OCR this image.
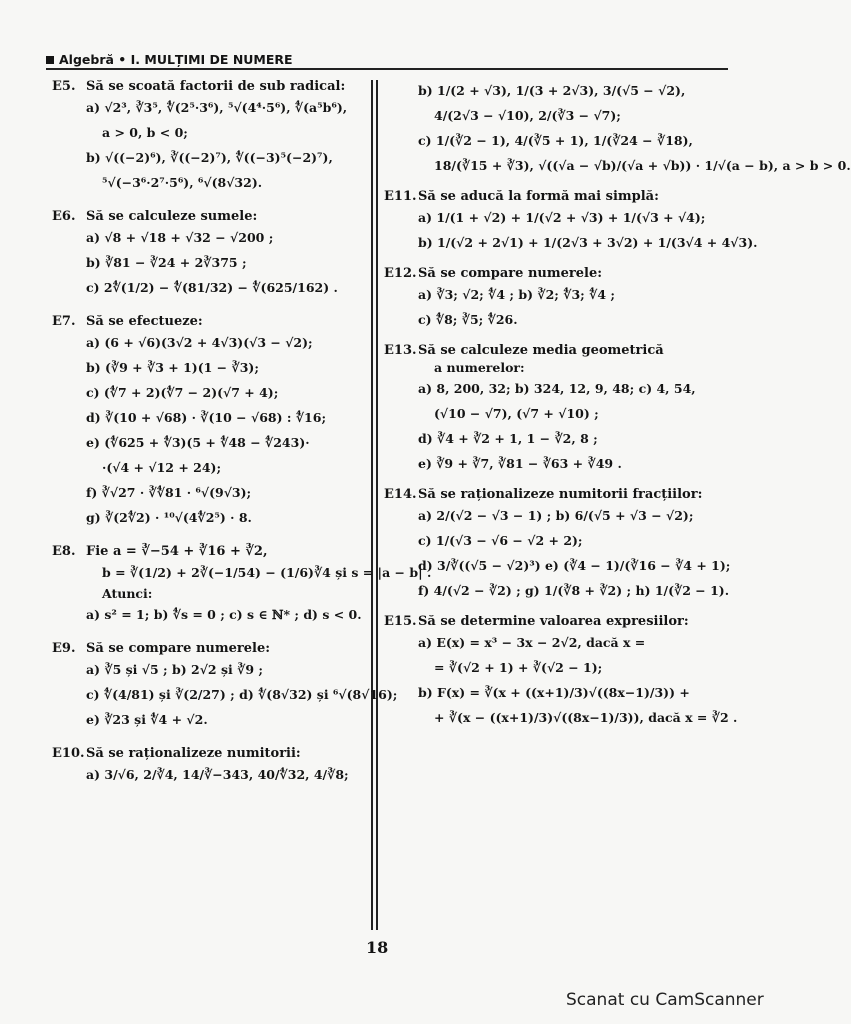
Algebră • I. MULȚIMI DE NUMERE
E5. Să se scoată factorii de sub radical:
a) √2³, ∛3⁵, ∜(2⁵·3⁶), ⁵√(4⁴·5⁶), ∜(a⁵b⁶),
a > 0, b < 0;
b) √((−2)⁶), ∛((−2)⁷), ∜((−3)⁵(−2)⁷),
⁵√(−3⁶·2⁷·5⁶), ⁶√(8√32).
E6. Să se calculeze sumele:
a) √8 + √18 + √32 − √200 ;
b) ∛81 − ∛24 + 2∛375 ;
c) 2∜(1/2) − ∜(81/32) − ∜(625/162) .
E7. Să se efectueze:
a) (6 + √6)(3√2 + 4√3)(√3 − √2);
b) (∛9 + ∛3 + 1)(1 − ∛3);
c) (∜7 + 2)(∜7 − 2)(√7 + 4);
d) ∛(10 + √68) · ∛(10 − √68) : ∜16;
e) (∜625 + ∜3)(5 + ∜48 − ∜243)·
·(√4 + √12 + 24);
f) ∛√27 · ∛∜81 · ⁶√(9√3);
g) ∛(2∜2) · ¹⁰√(4∜2⁵) · 8.
E8. Fie a = ∛−54 + ∛16 + ∛2,
b = ∛(1/2) + 2∛(−1/54) − (1/6)∛4 și s = |a − b| .
Atunci:
a) s² = 1; b) ∜s = 0 ; c) s ∈ ℕ* ; d) s < 0.
E9. Să se compare numerele:
a) ∛5 și √5 ; b) 2√2 și ∛9 ;
c) ∜(4/81) și ∛(2/27) ; d) ∜(8√32) și ⁶√(8√16);
e) ∛23 și ∜4 + √2.
E10.Să se raționalizeze numitorii:
a) 3/√6, 2/∛4, 14/∛−343, 40/∜32, 4/∛8;
b) 1/(2 + √3), 1/(3 + 2√3), 3/(√5 − √2),
4/(2√3 − √10), 2/(∛3 − √7);
c) 1/(∛2 − 1), 4/(∛5 + 1), 1/(∛24 − ∛18),
18/(∛15 + ∛3), √((√a − √b)/(√a + √b)) · 1/√(a − b), a > b > 0.
E11.Să se aducă la formă mai simplă:
a) 1/(1 + √2) + 1/(√2 + √3) + 1/(√3 + √4);
b) 1/(√2 + 2√1) + 1/(2√3 + 3√2) + 1/(3√4 + 4√3).
E12.Să se compare numerele:
a) ∛3; √2; ∜4 ; b) ∛2; ∜3; ∜4 ;
c) ∜8; ∛5; ∜26.
E13.Să se calculeze media geometrică
a numerelor:
a) 8, 200, 32; b) 324, 12, 9, 48; c) 4, 54,
(√10 − √7), (√7 + √10) ;
d) ∛4 + ∛2 + 1, 1 − ∛2, 8 ;
e) ∛9 + ∛7, ∛81 − ∛63 + ∛49 .
E14.Să se raționalizeze numitorii fracțiilor:
a) 2/(√2 − √3 − 1) ; b) 6/(√5 + √3 − √2);
c) 1/(√3 − √6 − √2 + 2);
d) 3/∛((√5 − √2)³) e) (∛4 − 1)/(∛16 − ∛4 + 1);
f) 4/(√2 − ∛2) ; g) 1/(∛8 + ∛2) ; h) 1/(∛2 − 1).
E15.Să se determine valoarea expresiilor:
a) E(x) = x³ − 3x − 2√2, dacă x =
= ∛(√2 + 1) + ∛(√2 − 1);
b) F(x) = ∛(x + ((x+1)/3)√((8x−1)/3)) +
+ ∛(x − ((x+1)/3)√((8x−1)/3)), dacă x = ∛2 .
18
Scanat cu CamScanner
